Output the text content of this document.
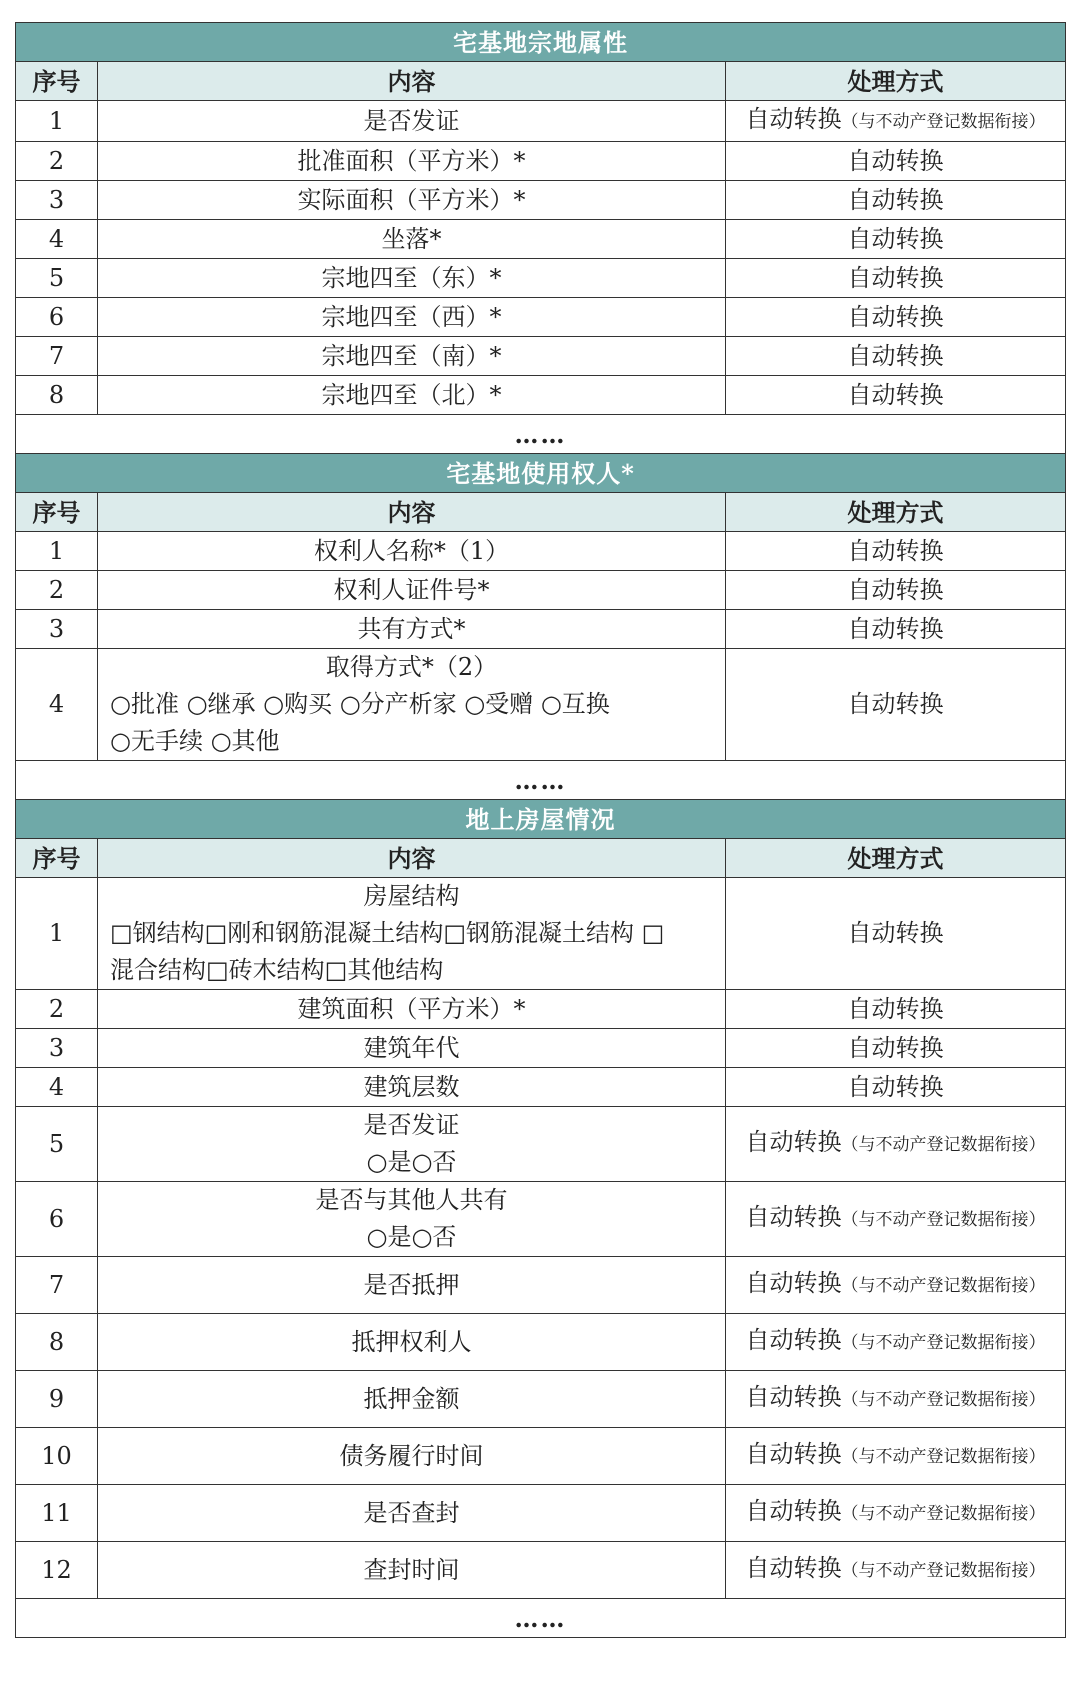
宅基地宗地属性		
序号	内容	处理方式
1	是否发证	自动转换（与不动产登记数据衔接）
2	批准面积（平方米）*	自动转换
3	实际面积（平方米）*	自动转换
4	坐落*	自动转换
5	宗地四至（东）*	自动转换
6	宗地四至（西）*	自动转换
7	宗地四至（南）*	自动转换
8	宗地四至（北）*	自动转换
……		
宅基地使用权人*		
序号	内容	处理方式
1	权利人名称*（1）	自动转换
2	权利人证件号*	自动转换
3	共有方式*	自动转换
4	取得方式*（2）
○批准 ○继承 ○购买 ○分产析家 ○受赠 ○互换
○无手续 ○其他	自动转换
……		
地上房屋情况		
序号	内容	处理方式
1	房屋结构
□钢结构□刚和钢筋混凝土结构□钢筋混凝土结构 □
混合结构□砖木结构□其他结构	自动转换
2	建筑面积（平方米）*	自动转换
3	建筑年代	自动转换
4	建筑层数	自动转换
5	是否发证
○是○否	自动转换（与不动产登记数据衔接）
6	是否与其他人共有
○是○否	自动转换（与不动产登记数据衔接）
7	是否抵押	自动转换（与不动产登记数据衔接）
8	抵押权利人	自动转换（与不动产登记数据衔接）
9	抵押金额	自动转换（与不动产登记数据衔接）
10	债务履行时间	自动转换（与不动产登记数据衔接）
11	是否查封	自动转换（与不动产登记数据衔接）
12	查封时间	自动转换（与不动产登记数据衔接）
……		
